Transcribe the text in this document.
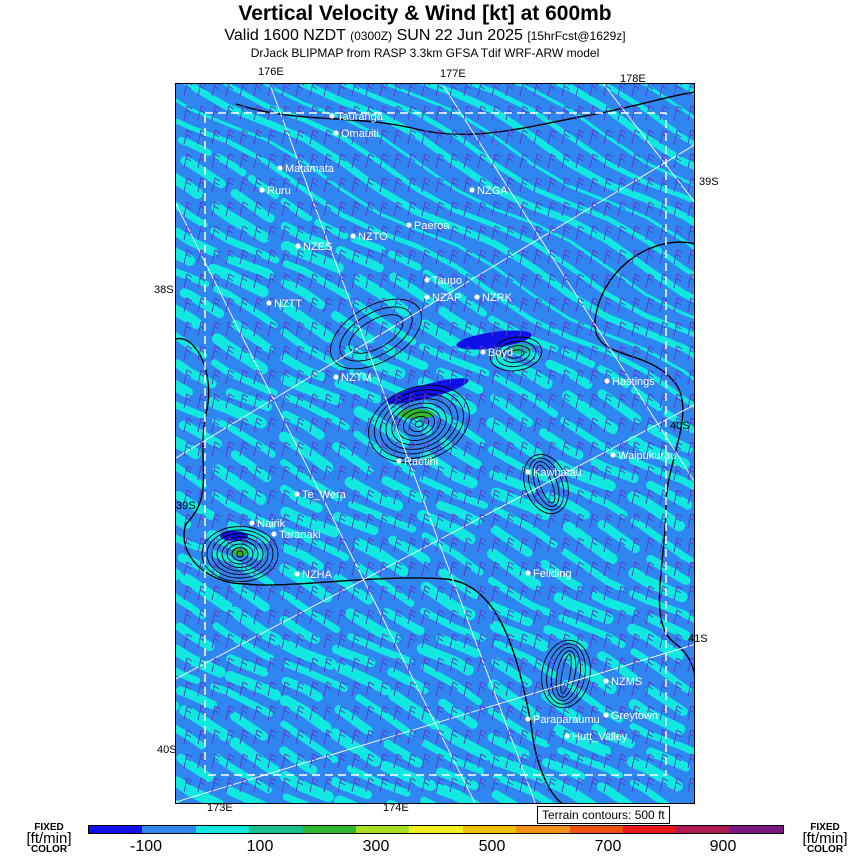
Vertical Velocity & Wind [kt] at 600mb
Valid 1600 NZDT (0300Z) SUN 22 Jun 2025 [15hrFcst@1629z]
DrJack BLIPMAP from RASP 3.3km GFSA Tdif WRF-ARW model
Tauranga
Omauiti
Matamata
Ruru	NZGA
Paeroa
NZTO
NZES
Taupo
NZAP NZRK
NZTT
Boyd
Hastings
NZTM
Raetihi	Waipukurau
Kawhatau
Te_Wera
Nairik
Taranaki
NZHA	Feilding
NZMS
Greytown
Paraparaumu
Hutt_Valley
176E	177E	178E
173E	174E
38S
39S
40S
39S
40S
41S
Terrain contours: 500 ft
FIXED
[ft/min]
COLOR
FIXED
[ft/min]
COLOR
-100	100	300	500	700	900
